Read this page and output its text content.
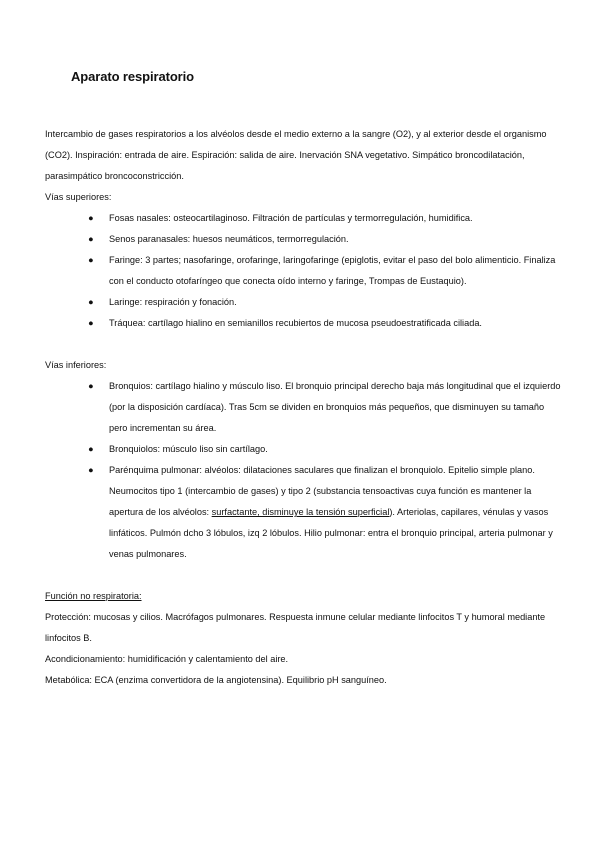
Aparato respiratorio

Intercambio de gases respiratorios a los alvéolos desde el medio externo a la sangre (O2), y al exterior desde el organismo (CO2). Inspiración: entrada de aire. Espiración: salida de aire. Inervación SNA vegetativo. Simpático broncodilatación, parasimpático broncoconstricción.

Vías superiores:

● Fosas nasales: osteocartilaginoso. Filtración de partículas y termorregulación, humidifica.
● Senos paranasales: huesos neumáticos, termorregulación.
● Faringe: 3 partes; nasofaringe, orofaringe, laringofaringe (epiglotis, evitar el paso del bolo alimenticio. Finaliza con el conducto otofaríngeo que conecta oído interno y faringe, Trompas de Eustaquio).
● Laringe: respiración y fonación.
● Tráquea: cartílago hialino en semianillos recubiertos de mucosa pseudoestratificada ciliada.

Vías inferiores:

● Bronquios: cartílago hialino y músculo liso. El bronquio principal derecho baja más longitudinal que el izquierdo (por la disposición cardíaca). Tras 5cm se dividen en bronquios más pequeños, que disminuyen su tamaño pero incrementan su área.
● Bronquiolos: músculo liso sin cartílago.
● Parénquima pulmonar: alvéolos: dilataciones saculares que finalizan el bronquiolo. Epitelio simple plano. Neumocitos tipo 1 (intercambio de gases) y tipo 2 (substancia tensoactivas cuya función es mantener la apertura de los alvéolos: surfactante, disminuye la tensión superficial). Arteriolas, capilares, vénulas y vasos linfáticos. Pulmón dcho 3 lóbulos, izq 2 lóbulos. Hilio pulmonar: entra el bronquio principal, arteria pulmonar y venas pulmonares.

Función no respiratoria:

Protección: mucosas y cilios. Macrófagos pulmonares. Respuesta inmune celular mediante linfocitos T y humoral mediante linfocitos B.

Acondicionamiento: humidificación y calentamiento del aire.

Metabólica: ECA (enzima convertidora de la angiotensina). Equilibrio pH sanguíneo.
